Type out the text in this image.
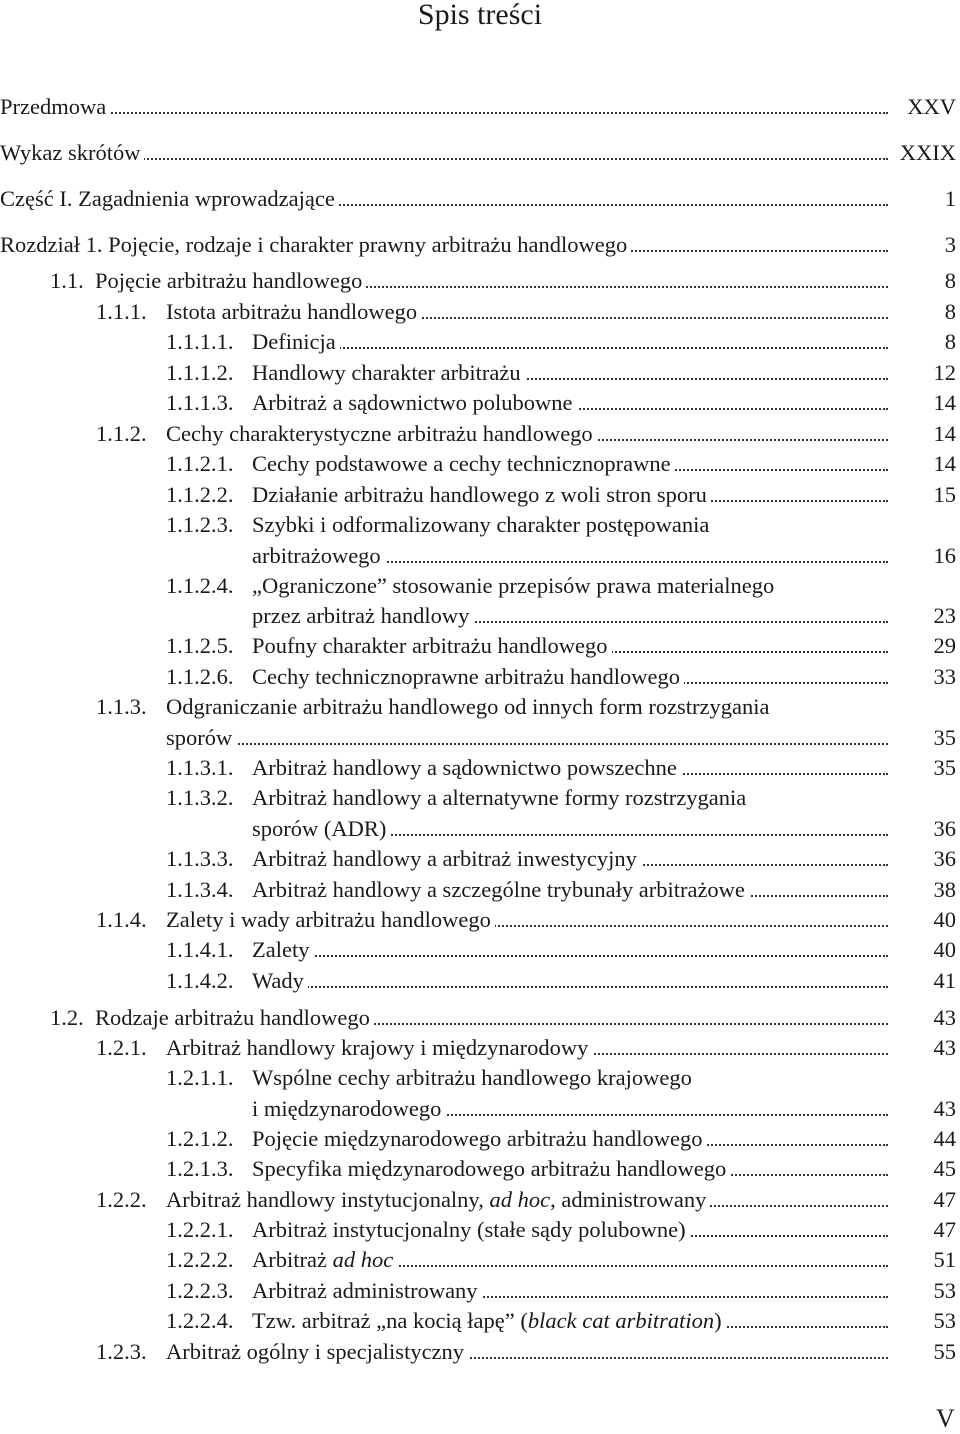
Spis treści
Przedmowa	XXV
Wykaz skrótów	XXIX
Część I. Zagadnienia wprowadzające	1
Rozdział 1. Pojęcie, rodzaje i charakter prawny arbitrażu handlowego	3
1.1. Pojęcie arbitrażu handlowego	8
1.1.1. Istota arbitrażu handlowego	8
1.1.1.1. Definicja	8
1.1.1.2. Handlowy charakter arbitrażu	12
1.1.1.3. Arbitraż a sądownictwo polubowne	14
1.1.2. Cechy charakterystyczne arbitrażu handlowego	14
1.1.2.1. Cechy podstawowe a cechy technicznoprawne	14
1.1.2.2. Działanie arbitrażu handlowego z woli stron sporu	15
1.1.2.3. Szybki i odformalizowany charakter postępowania
arbitrażowego	16
1.1.2.4. „Ograniczone” stosowanie przepisów prawa materialnego
przez arbitraż handlowy	23
1.1.2.5. Poufny charakter arbitrażu handlowego	29
1.1.2.6. Cechy technicznoprawne arbitrażu handlowego	33
1.1.3. Odgraniczanie arbitrażu handlowego od innych form rozstrzygania
sporów	35
1.1.3.1. Arbitraż handlowy a sądownictwo powszechne	35
1.1.3.2. Arbitraż handlowy a alternatywne formy rozstrzygania
sporów (ADR)	36
1.1.3.3. Arbitraż handlowy a arbitraż inwestycyjny	36
1.1.3.4. Arbitraż handlowy a szczególne trybunały arbitrażowe	38
1.1.4. Zalety i wady arbitrażu handlowego	40
1.1.4.1. Zalety	40
1.1.4.2. Wady	41
1.2. Rodzaje arbitrażu handlowego	43
1.2.1. Arbitraż handlowy krajowy i międzynarodowy	43
1.2.1.1. Wspólne cechy arbitrażu handlowego krajowego
i międzynarodowego	43
1.2.1.2. Pojęcie międzynarodowego arbitrażu handlowego	44
1.2.1.3. Specyfika międzynarodowego arbitrażu handlowego	45
1.2.2. Arbitraż handlowy instytucjonalny, ad hoc, administrowany	47
1.2.2.1. Arbitraż instytucjonalny (stałe sądy polubowne)	47
1.2.2.2. Arbitraż ad hoc	51
1.2.2.3. Arbitraż administrowany	53
1.2.2.4. Tzw. arbitraż „na kocią łapę” (black cat arbitration)	53
1.2.3. Arbitraż ogólny i specjalistyczny	55
V
